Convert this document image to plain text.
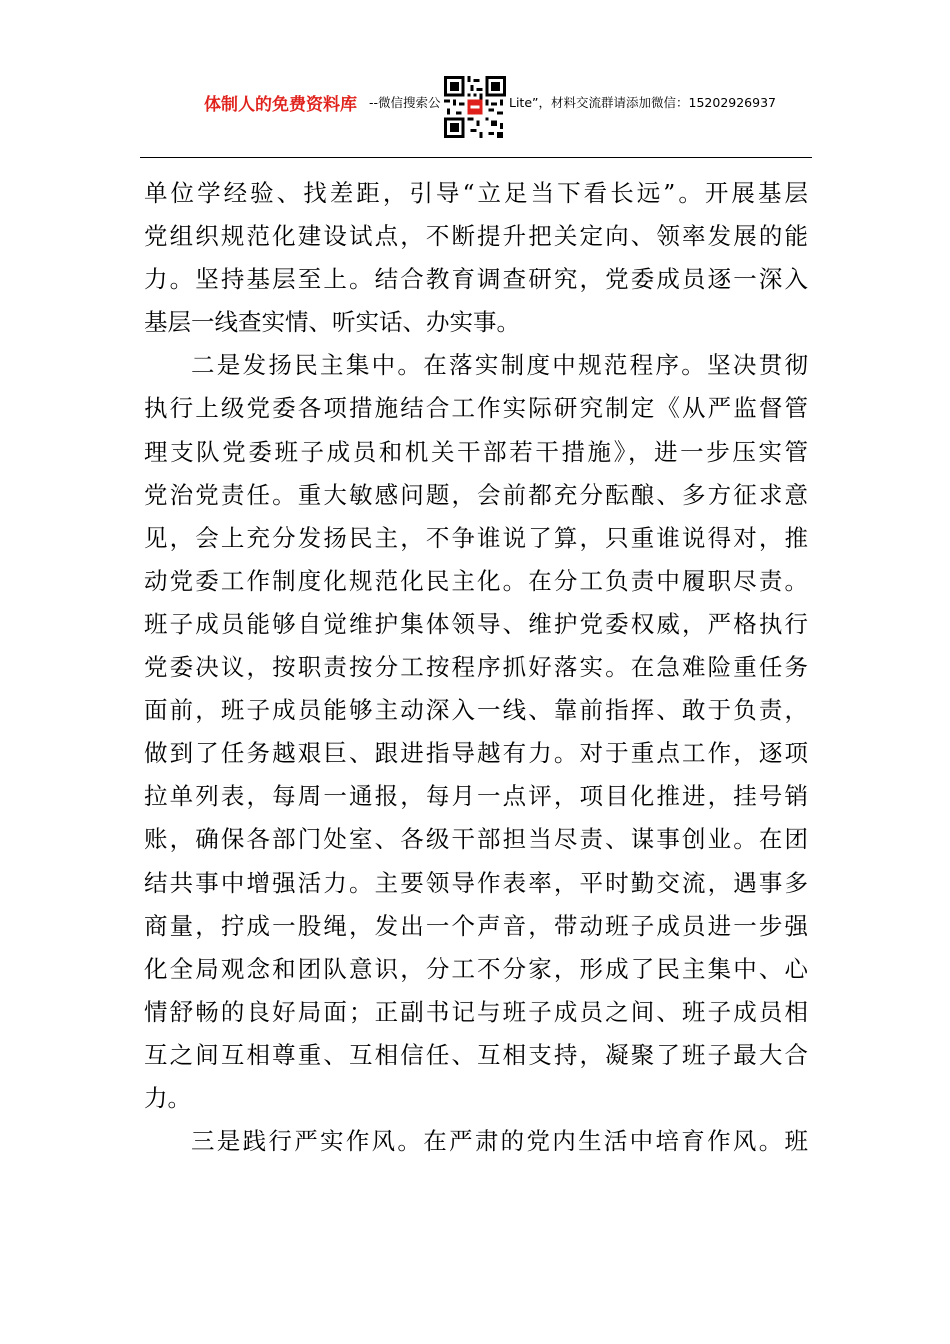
体制人的免费资料库 --微信搜索公	Lite”，材料交流群请添加微信：15202926937
单位学经验、找差距，引导“立足当下看长远”。开展基层
党组织规范化建设试点，不断提升把关定向、领率发展的能
力。坚持基层至上。结合教育调查研究，党委成员逐一深入
基层一线查实情、听实话、办实事。
二是发扬民主集中。在落实制度中规范程序。坚决贯彻
执行上级党委各项措施结合工作实际研究制定《从严监督管
理支队党委班子成员和机关干部若干措施》，进一步压实管
党治党责任。重大敏感问题，会前都充分酝酿、多方征求意
见，会上充分发扬民主，不争谁说了算，只重谁说得对，推
动党委工作制度化规范化民主化。在分工负责中履职尽责。
班子成员能够自觉维护集体领导、维护党委权威，严格执行
党委决议，按职责按分工按程序抓好落实。在急难险重任务
面前，班子成员能够主动深入一线、靠前指挥、敢于负责，
做到了任务越艰巨、跟进指导越有力。对于重点工作，逐项
拉单列表，每周一通报，每月一点评，项目化推进，挂号销
账，确保各部门处室、各级干部担当尽责、谋事创业。在团
结共事中增强活力。主要领导作表率，平时勤交流，遇事多
商量，拧成一股绳，发出一个声音，带动班子成员进一步强
化全局观念和团队意识，分工不分家，形成了民主集中、心
情舒畅的良好局面；正副书记与班子成员之间、班子成员相
互之间互相尊重、互相信任、互相支持，凝聚了班子最大合
力。
三是践行严实作风。在严肃的党内生活中培育作风。班
